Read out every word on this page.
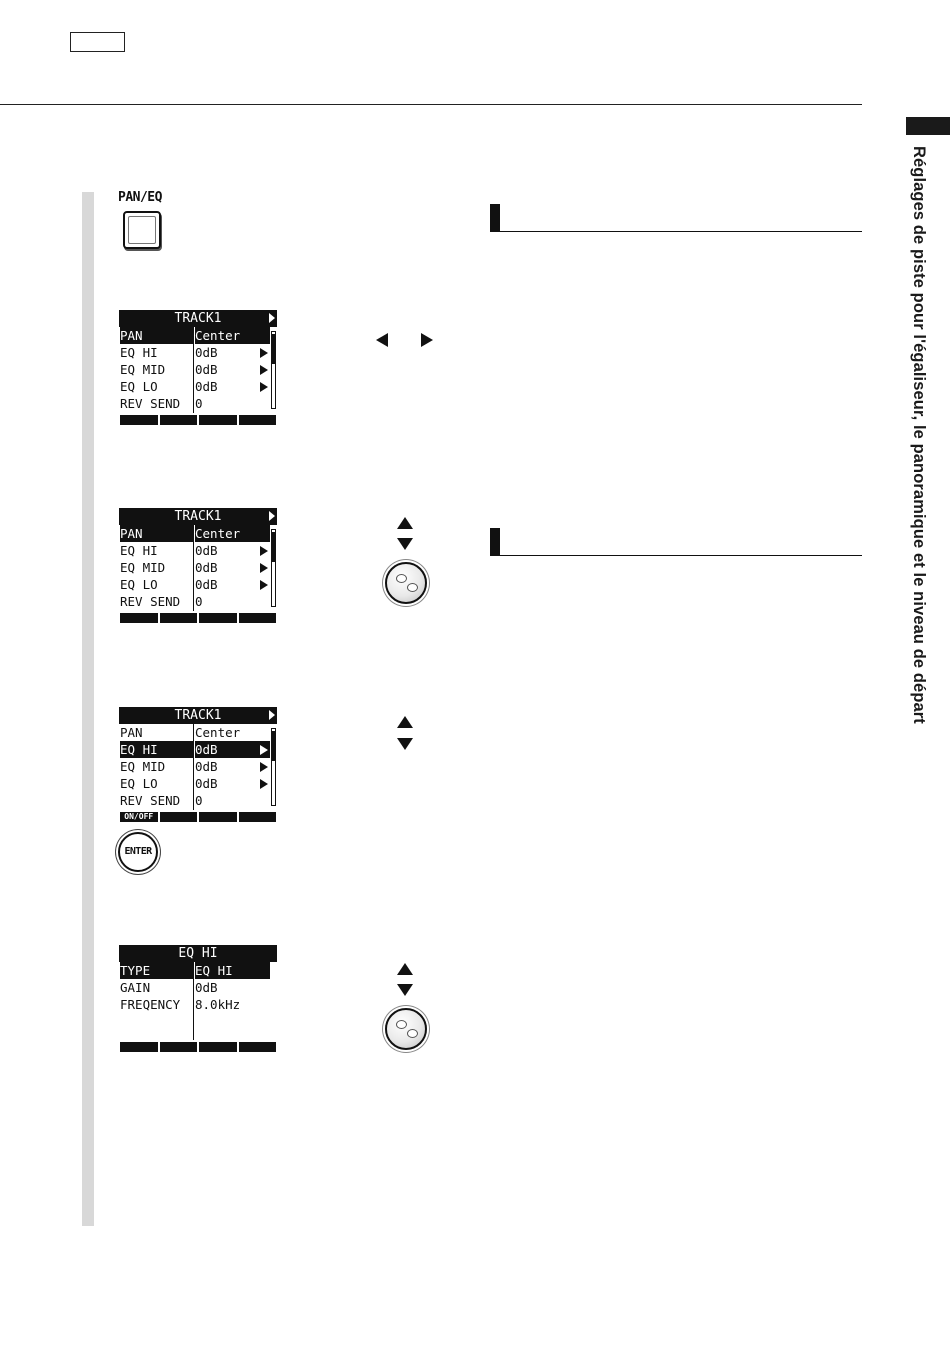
Réglages de piste pour l'égaliseur, le panoramique et le niveau de départ
PAN/EQ
TRACK1
PAN	Center
EQ HI	0dB
EQ MID	0dB
EQ LO	0dB
REV SEND	0
TRACK1
PAN	Center
EQ HI	0dB
EQ MID	0dB
EQ LO	0dB
REV SEND	0
TRACK1
PAN	Center
EQ HI	0dB
EQ MID	0dB
EQ LO	0dB
REV SEND	0
ON/OFF
ENTER
EQ HI
TYPE	EQ HI
GAIN	0dB
FREQENCY	8.0kHz
